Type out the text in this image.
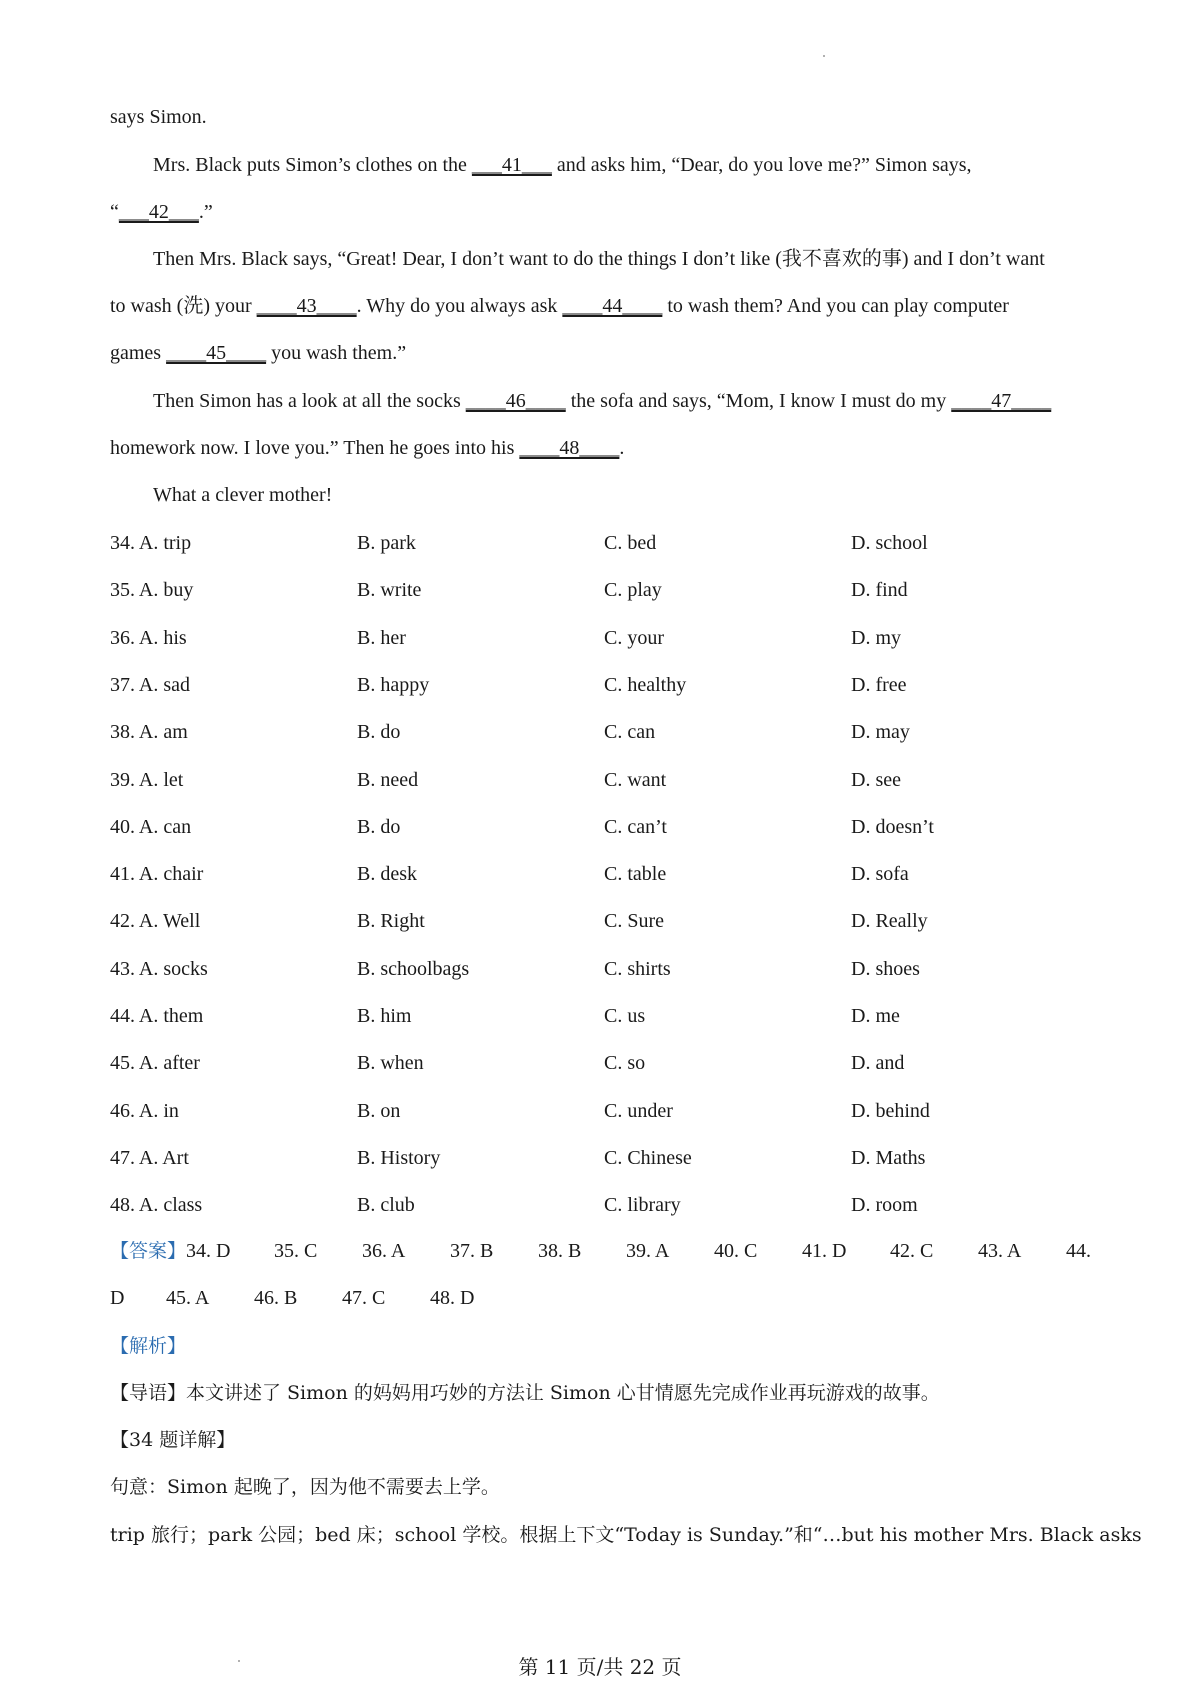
says Simon.
Mrs. Black puts Simon’s clothes on the ___41___ and asks him, “Dear, do you love me?” Simon says,
“___42___.”
Then Mrs. Black says, “Great! Dear, I don’t want to do the things I don’t like (我不喜欢的事) and I don’t want
to wash (洗) your ____43____. Why do you always ask ____44____ to wash them? And you can play computer
games ____45____ you wash them.”
Then Simon has a look at all the socks ____46____ the sofa and says, “Mom, I know I must do my ____47____
homework now. I love you.” Then he goes into his ____48____.
What a clever mother!
34. A. trip	B. park	C. bed	D. school
35. A. buy	B. write	C. play	D. find
36. A. his	B. her	C. your	D. my
37. A. sad	B. happy	C. healthy	D. free
38. A. am	B. do	C. can	D. may
39. A. let	B. need	C. want	D. see
40. A. can	B. do	C. can’t	D. doesn’t
41. A. chair	B. desk	C. table	D. sofa
42. A. Well	B. Right	C. Sure	D. Really
43. A. socks	B. schoolbags	C. shirts	D. shoes
44. A. them	B. him	C. us	D. me
45. A. after	B. when	C. so	D. and
46. A. in	B. on	C. under	D. behind
47. A. Art	B. History	C. Chinese	D. Maths
48. A. class	B. club	C. library	D. room
【答案】 34. D 35. C 36. A 37. B 38. B 39. A 40. C 41. D 42. C 43. A 44.
D 45. A 46. B 47. C 48. D
【解析】
【导语】本文讲述了 Simon 的妈妈用巧妙的方法让 Simon 心甘情愿先完成作业再玩游戏的故事。
【34 题详解】
句意：Simon 起晚了，因为他不需要去上学。
trip 旅行；park 公园；bed 床；school 学校。根据上下文“Today is Sunday.”和“…but his mother Mrs. Black asks
第 11 页/共 22 页
